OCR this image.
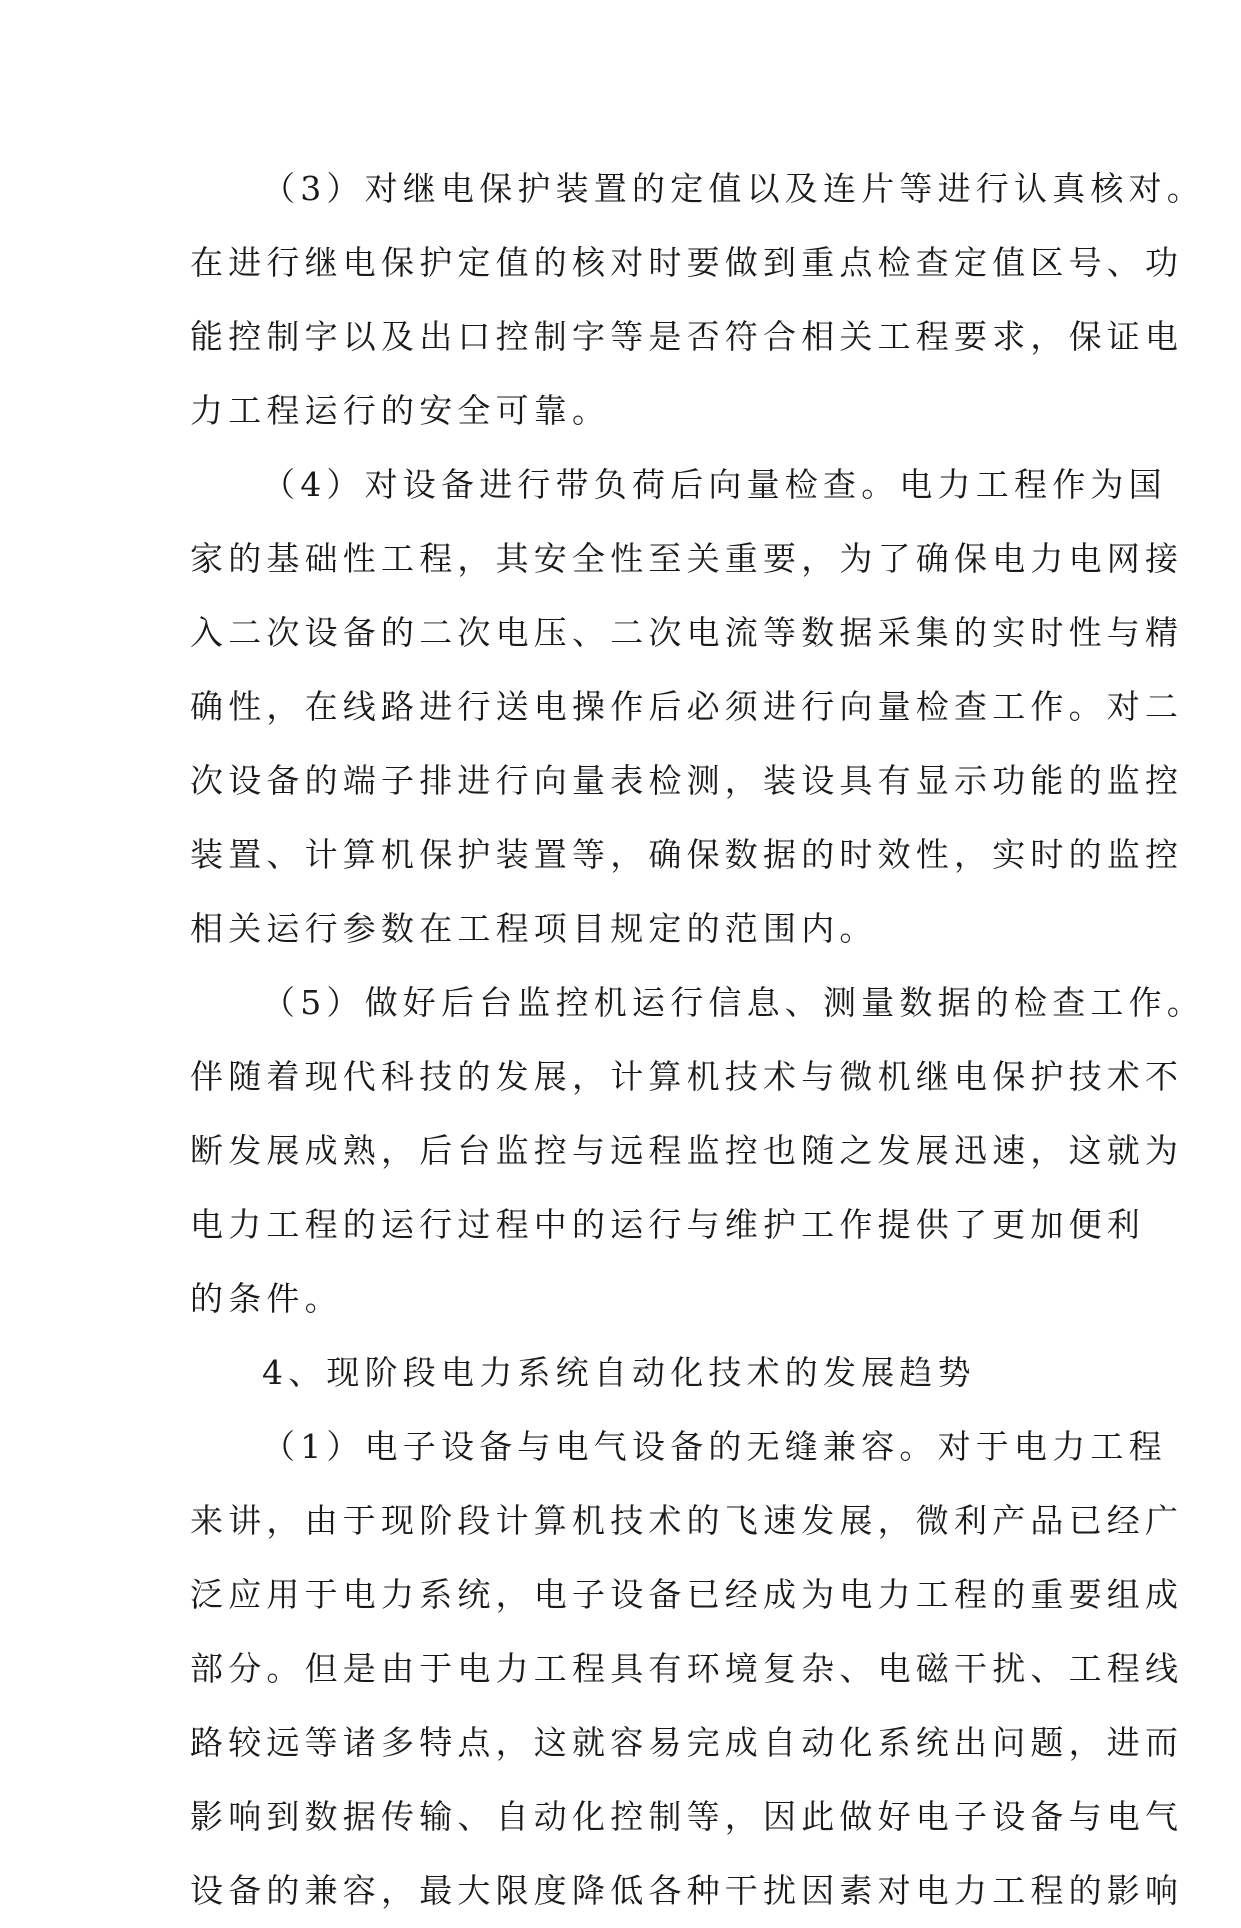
（3）对继电保护装置的定值以及连片等进行认真核对。
在进行继电保护定值的核对时要做到重点检查定值区号、功
能控制字以及出口控制字等是否符合相关工程要求，保证电
力工程运行的安全可靠。
（4）对设备进行带负荷后向量检查。电力工程作为国
家的基础性工程，其安全性至关重要，为了确保电力电网接
入二次设备的二次电压、二次电流等数据采集的实时性与精
确性，在线路进行送电操作后必须进行向量检查工作。对二
次设备的端子排进行向量表检测，装设具有显示功能的监控
装置、计算机保护装置等，确保数据的时效性，实时的监控
相关运行参数在工程项目规定的范围内。
（5）做好后台监控机运行信息、测量数据的检查工作。
伴随着现代科技的发展，计算机技术与微机继电保护技术不
断发展成熟，后台监控与远程监控也随之发展迅速，这就为
电力工程的运行过程中的运行与维护工作提供了更加便利
的条件。
4、现阶段电力系统自动化技术的发展趋势
（1）电子设备与电气设备的无缝兼容。对于电力工程
来讲，由于现阶段计算机技术的飞速发展，微利产品已经广
泛应用于电力系统，电子设备已经成为电力工程的重要组成
部分。但是由于电力工程具有环境复杂、电磁干扰、工程线
路较远等诸多特点，这就容易完成自动化系统出问题，进而
影响到数据传输、自动化控制等，因此做好电子设备与电气
设备的兼容，最大限度降低各种干扰因素对电力工程的影响
